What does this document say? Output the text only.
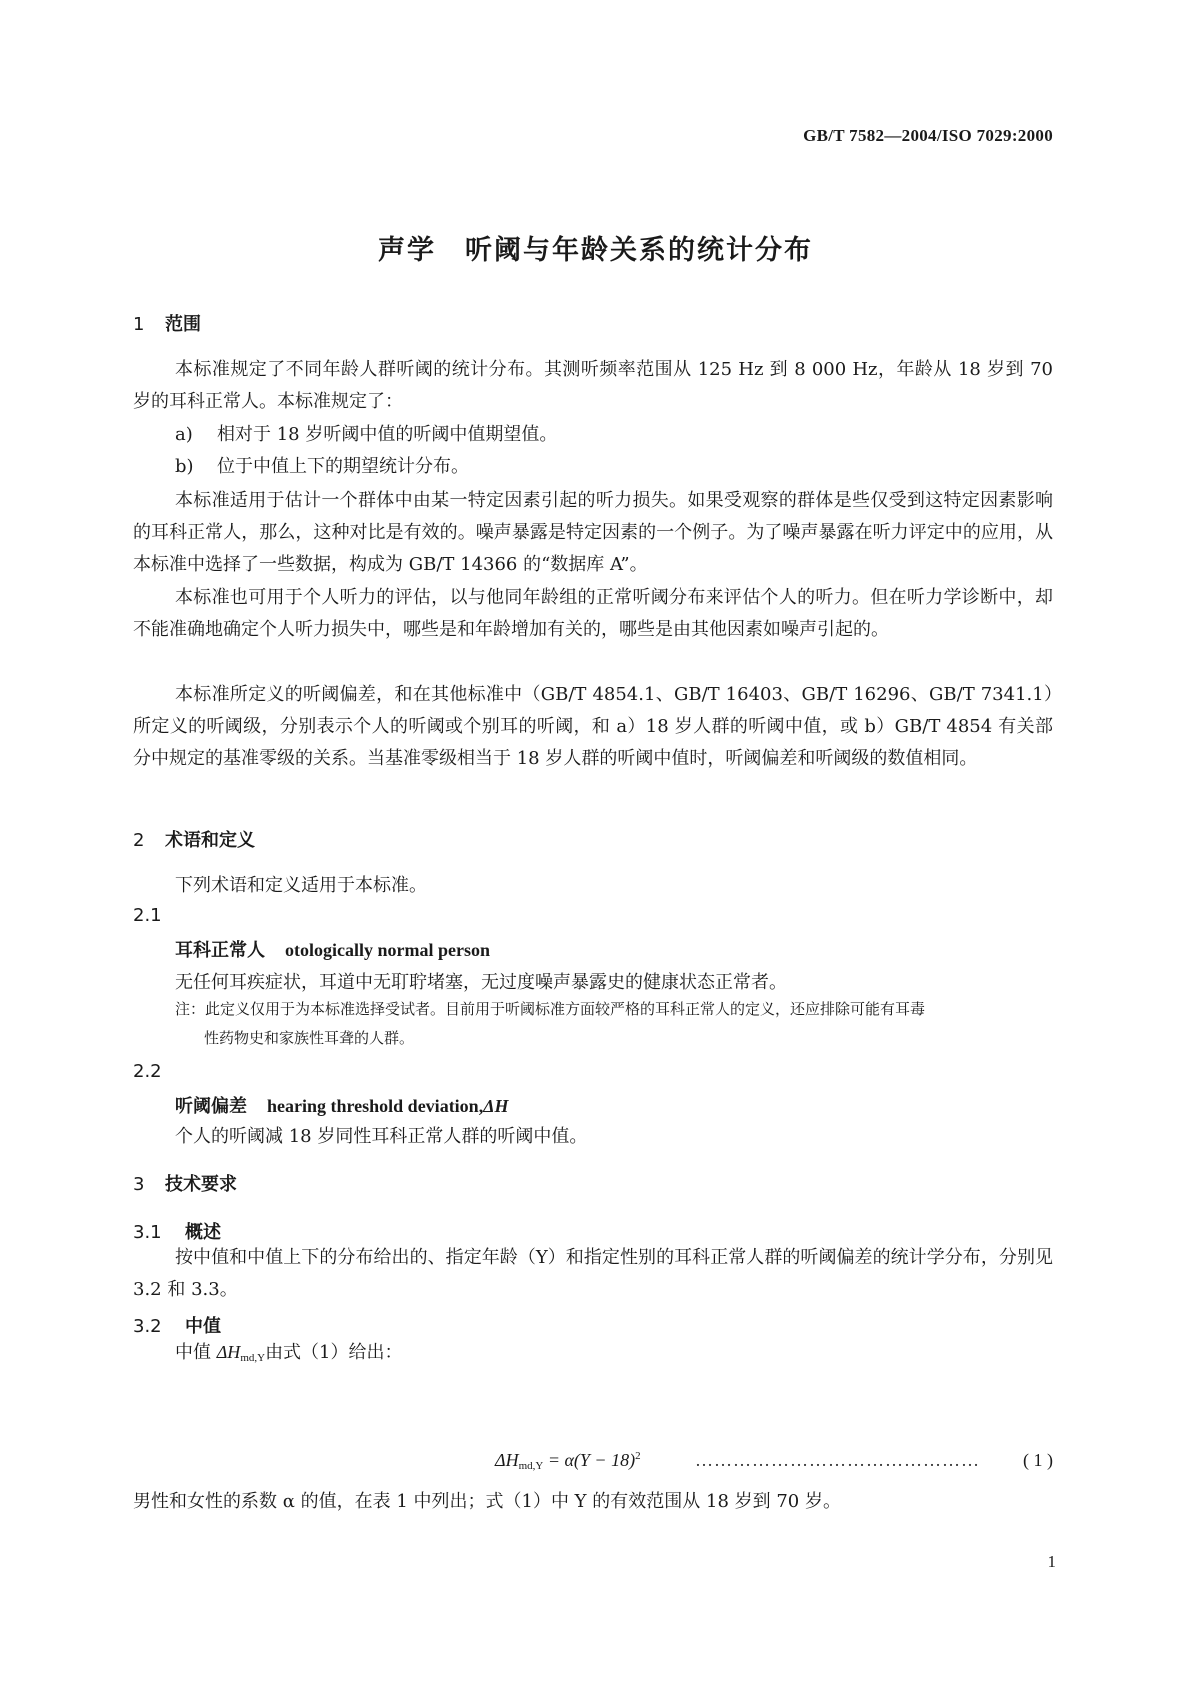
GB/T 7582—2004/ISO 7029:2000
声学　听阈与年龄关系的统计分布
1 范围
本标准规定了不同年龄人群听阈的统计分布。其测听频率范围从 125 Hz 到 8 000 Hz，年龄从 18 岁到 70 岁的耳科正常人。本标准规定了：
a) 相对于 18 岁听阈中值的听阈中值期望值。
b) 位于中值上下的期望统计分布。
本标准适用于估计一个群体中由某一特定因素引起的听力损失。如果受观察的群体是些仅受到这特定因素影响的耳科正常人，那么，这种对比是有效的。噪声暴露是特定因素的一个例子。为了噪声暴露在听力评定中的应用，从本标准中选择了一些数据，构成为 GB/T 14366 的“数据库 A”。
本标准也可用于个人听力的评估，以与他同年龄组的正常听阈分布来评估个人的听力。但在听力学诊断中，却不能准确地确定个人听力损失中，哪些是和年龄增加有关的，哪些是由其他因素如噪声引起的。
本标准所定义的听阈偏差，和在其他标准中（GB/T 4854.1、GB/T 16403、GB/T 16296、GB/T 7341.1）所定义的听阈级，分别表示个人的听阈或个别耳的听阈，和 a）18 岁人群的听阈中值，或 b）GB/T 4854 有关部分中规定的基准零级的关系。当基准零级相当于 18 岁人群的听阈中值时，听阈偏差和听阈级的数值相同。
2 术语和定义
下列术语和定义适用于本标准。
2.1
耳科正常人 otologically normal person
无任何耳疾症状，耳道中无耵聍堵塞，无过度噪声暴露史的健康状态正常者。
注：此定义仅用于为本标准选择受试者。目前用于听阈标准方面较严格的耳科正常人的定义，还应排除可能有耳毒
性药物史和家族性耳聋的人群。
2.2
听阈偏差 hearing threshold deviation,ΔH
个人的听阈减 18 岁同性耳科正常人群的听阈中值。
3 技术要求
3.1 概述
按中值和中值上下的分布给出的、指定年龄（Y）和指定性别的耳科正常人群的听阈偏差的统计学分布，分别见 3.2 和 3.3。
3.2 中值
中值 ΔHmd,Y由式（1）给出：
$\Delta H_{md,Y} = \alpha(Y - 18)^2$	……………………………………… ( 1 )
男性和女性的系数 α 的值，在表 1 中列出；式（1）中 Y 的有效范围从 18 岁到 70 岁。
1
